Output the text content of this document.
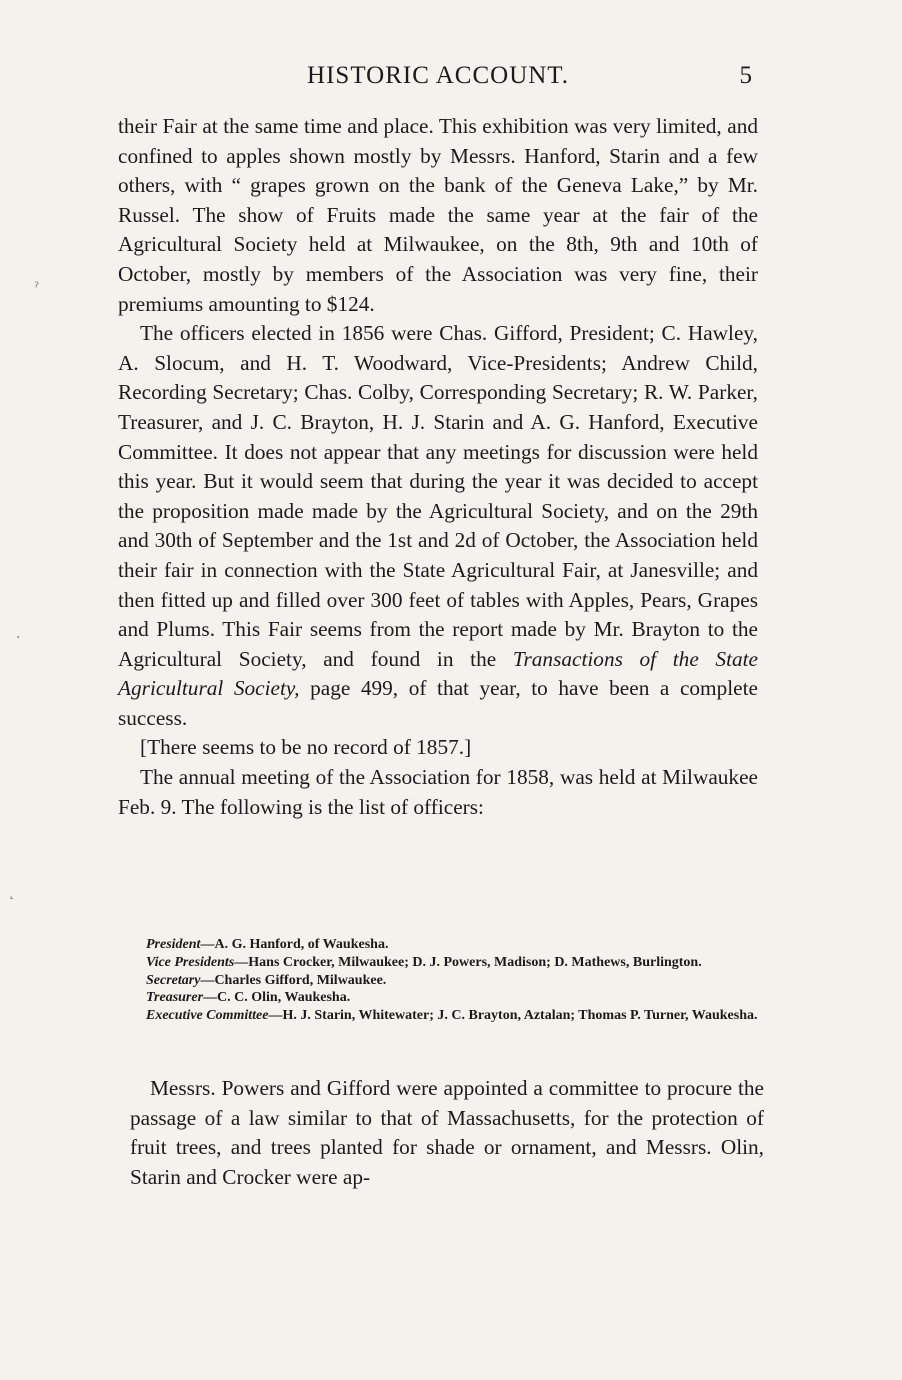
HISTORIC ACCOUNT.	5

their Fair at the same time and place. This exhibition was very limited, and confined to apples shown mostly by Messrs. Hanford, Starin and a few others, with “ grapes grown on the bank of the Geneva Lake,” by Mr. Russel. The show of Fruits made the same year at the fair of the Agricultural Society held at Milwaukee, on the 8th, 9th and 10th of October, mostly by members of the Association was very fine, their premiums amounting to $124.

The officers elected in 1856 were Chas. Gifford, President; C. Hawley, A. Slocum, and H. T. Woodward, Vice-Presidents; Andrew Child, Recording Secretary; Chas. Colby, Corresponding Secretary; R. W. Parker, Treasurer, and J. C. Brayton, H. J. Starin and A. G. Hanford, Executive Committee. It does not appear that any meetings for discussion were held this year. But it would seem that during the year it was decided to accept the proposition made made by the Agricultural Society, and on the 29th and 30th of September and the 1st and 2d of October, the Association held their fair in connection with the State Agricultural Fair, at Janesville; and then fitted up and filled over 300 feet of tables with Apples, Pears, Grapes and Plums. This Fair seems from the report made by Mr. Brayton to the Agricultural Society, and found in the Transactions of the State Agricultural Society, page 499, of that year, to have been a complete success.

[There seems to be no record of 1857.]

The annual meeting of the Association for 1858, was held at Milwaukee Feb. 9. The following is the list of officers:

President—A. G. Hanford, of Waukesha.

Vice Presidents—Hans Crocker, Milwaukee; D. J. Powers, Madison; D. Mathews, Burlington.

Secretary—Charles Gifford, Milwaukee.

Treasurer—C. C. Olin, Waukesha.

Executive Committee—H. J. Starin, Whitewater; J. C. Brayton, Aztalan; Thomas P. Turner, Waukesha.

Messrs. Powers and Gifford were appointed a committee to procure the passage of a law similar to that of Massachusetts, for the protection of fruit trees, and trees planted for shade or ornament, and Messrs. Olin, Starin and Crocker were ap-

ˀ
·
˛
